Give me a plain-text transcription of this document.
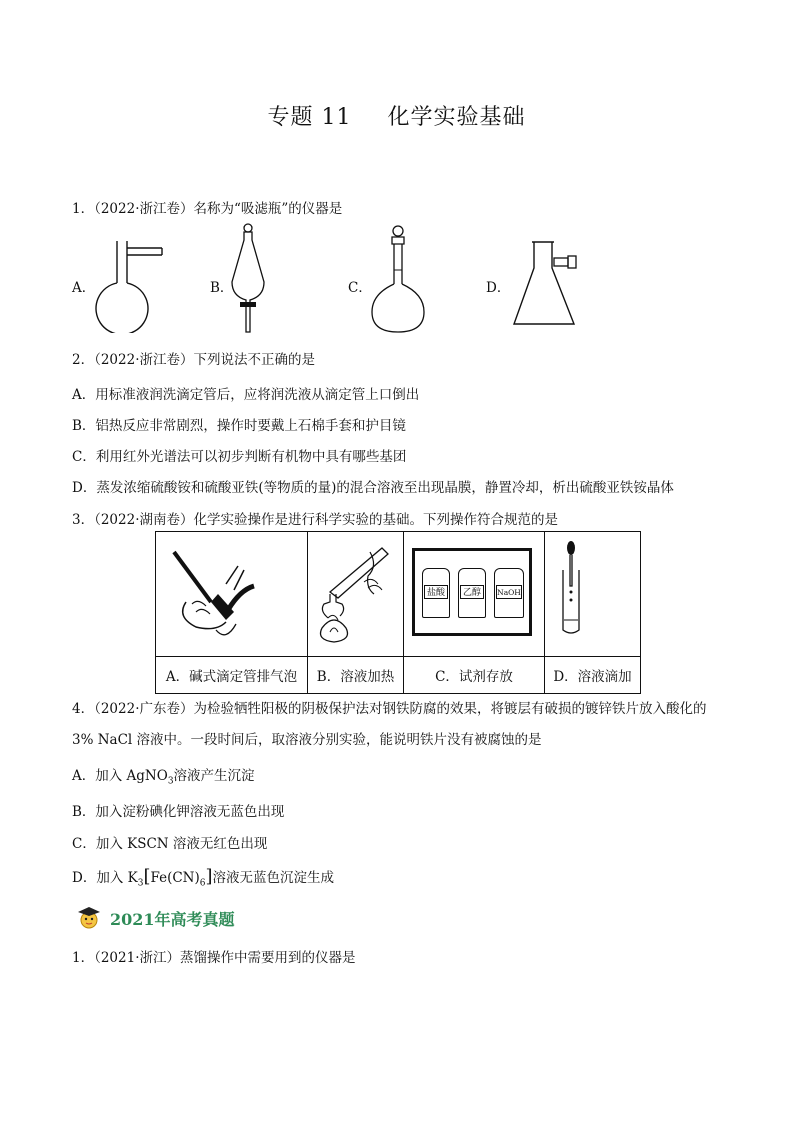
专题 11 化学实验基础
1．（2022·浙江卷）名称为“吸滤瓶”的仪器是
A．	B．	C．	D．
2．（2022·浙江卷）下列说法不正确的是
A．用标准液润洗滴定管后，应将润洗液从滴定管上口倒出
B．铝热反应非常剧烈，操作时要戴上石棉手套和护目镜
C．利用红外光谱法可以初步判断有机物中具有哪些基团
D．蒸发浓缩硫酸铵和硫酸亚铁(等物质的量)的混合溶液至出现晶膜，静置冷却，析出硫酸亚铁铵晶体
3．（2022·湖南卷）化学实验操作是进行科学实验的基础。下列操作符合规范的是

盐酸 乙醇 NaOH

A．碱式滴定管排气泡	B．溶液加热	C．试剂存放	D．溶液滴加
4．（2022·广东卷）为检验牺牲阳极的阴极保护法对钢铁防腐的效果，将镀层有破损的镀锌铁片放入酸化的
3% NaCl 溶液中。一段时间后，取溶液分别实验，能说明铁片没有被腐蚀的是
A．加入 AgNO$_3$溶液产生沉淀
B．加入淀粉碘化钾溶液无蓝色出现
C．加入 KSCN 溶液无红色出现
D．加入 $K_3[Fe(CN)_6]$溶液无蓝色沉淀生成
2021年高考真题
1．（2021·浙江）蒸馏操作中需要用到的仪器是
